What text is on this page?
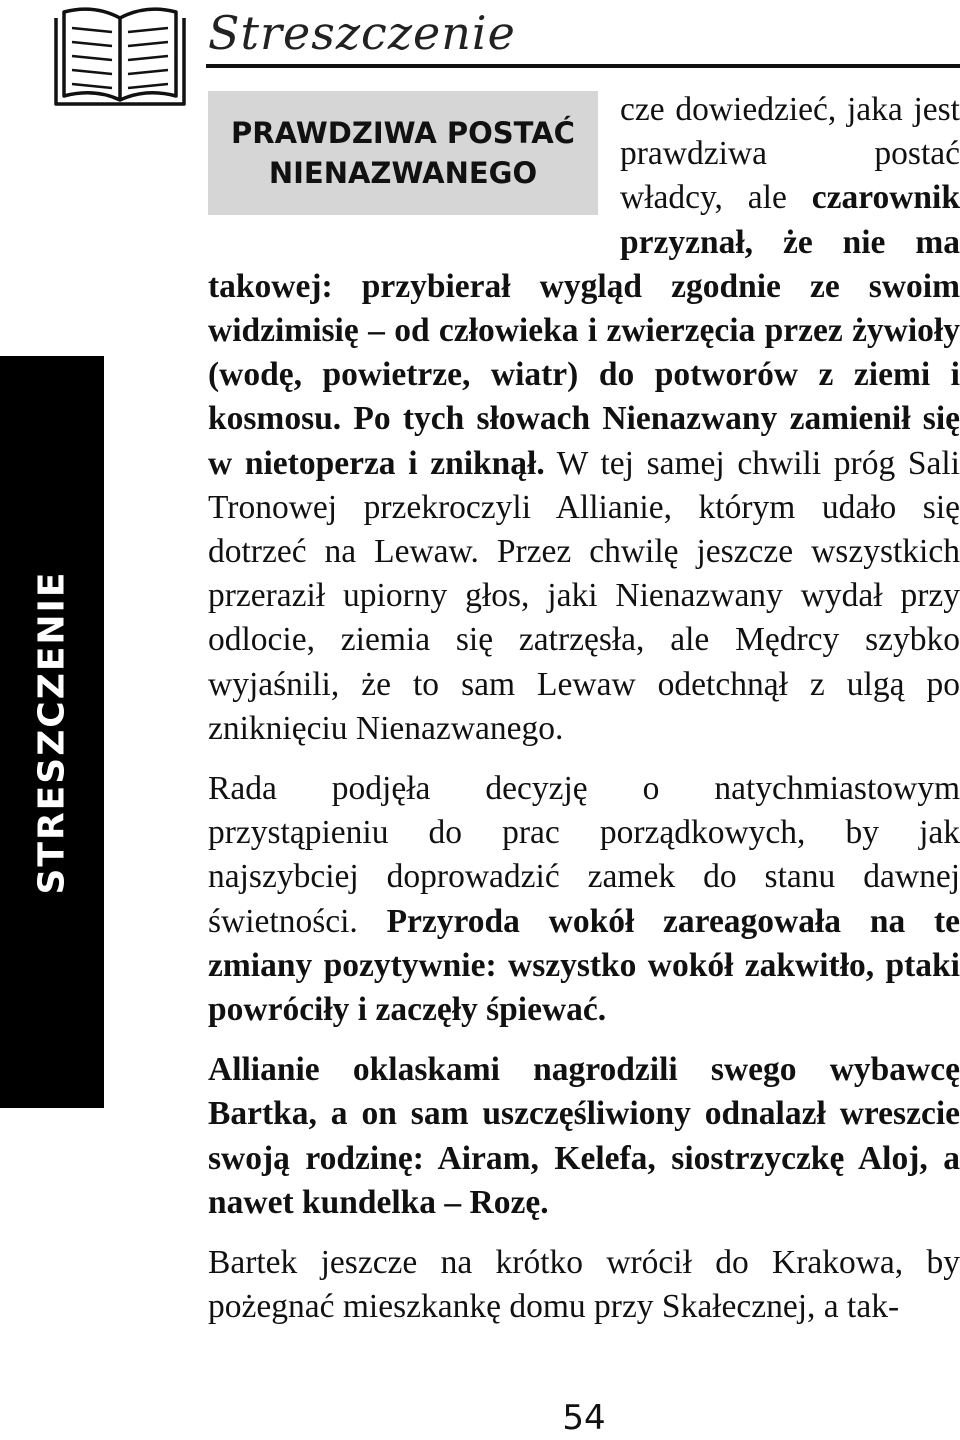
Streszczenie
STRESZCZENIE
PRAWDZIWA POSTAĆ
NIENAZWANEGO

cze dowiedzieć, jaka jest prawdziwa postać władcy, ale czarownik przyznał, że nie ma takowej: przybierał wygląd zgodnie ze swoim widzimisię – od człowieka i zwierzęcia przez żywioły (wodę, powietrze, wiatr) do potworów z ziemi i kosmosu. Po tych słowach Nienazwany zamienił się w nietoperza i zniknął. W tej samej chwili próg Sali Tronowej przekroczyli Allianie, którym udało się dotrzeć na Lewaw. Przez chwilę jeszcze wszystkich przeraził upiorny głos, jaki Nienazwany wydał przy odlocie, ziemia się zatrzęsła, ale Mędrcy szybko wyjaśnili, że to sam Lewaw odetchnął z ulgą po zniknięciu Nienazwanego.

Rada podjęła decyzję o natychmiastowym przystąpieniu do prac porządkowych, by jak najszybciej doprowadzić zamek do stanu dawnej świetności. Przyroda wokół zareagowała na te zmiany pozytywnie: wszystko wokół zakwitło, ptaki powróciły i zaczęły śpiewać.

Allianie oklaskami nagrodzili swego wybawcę Bartka, a on sam uszczęśliwiony odnalazł wreszcie swoją rodzinę: Airam, Kelefa, siostrzyczkę Aloj, a nawet kundelka – Rozę.

Bartek jeszcze na krótko wrócił do Krakowa, by pożegnać mieszkankę domu przy Skałecznej, a tak-

54
